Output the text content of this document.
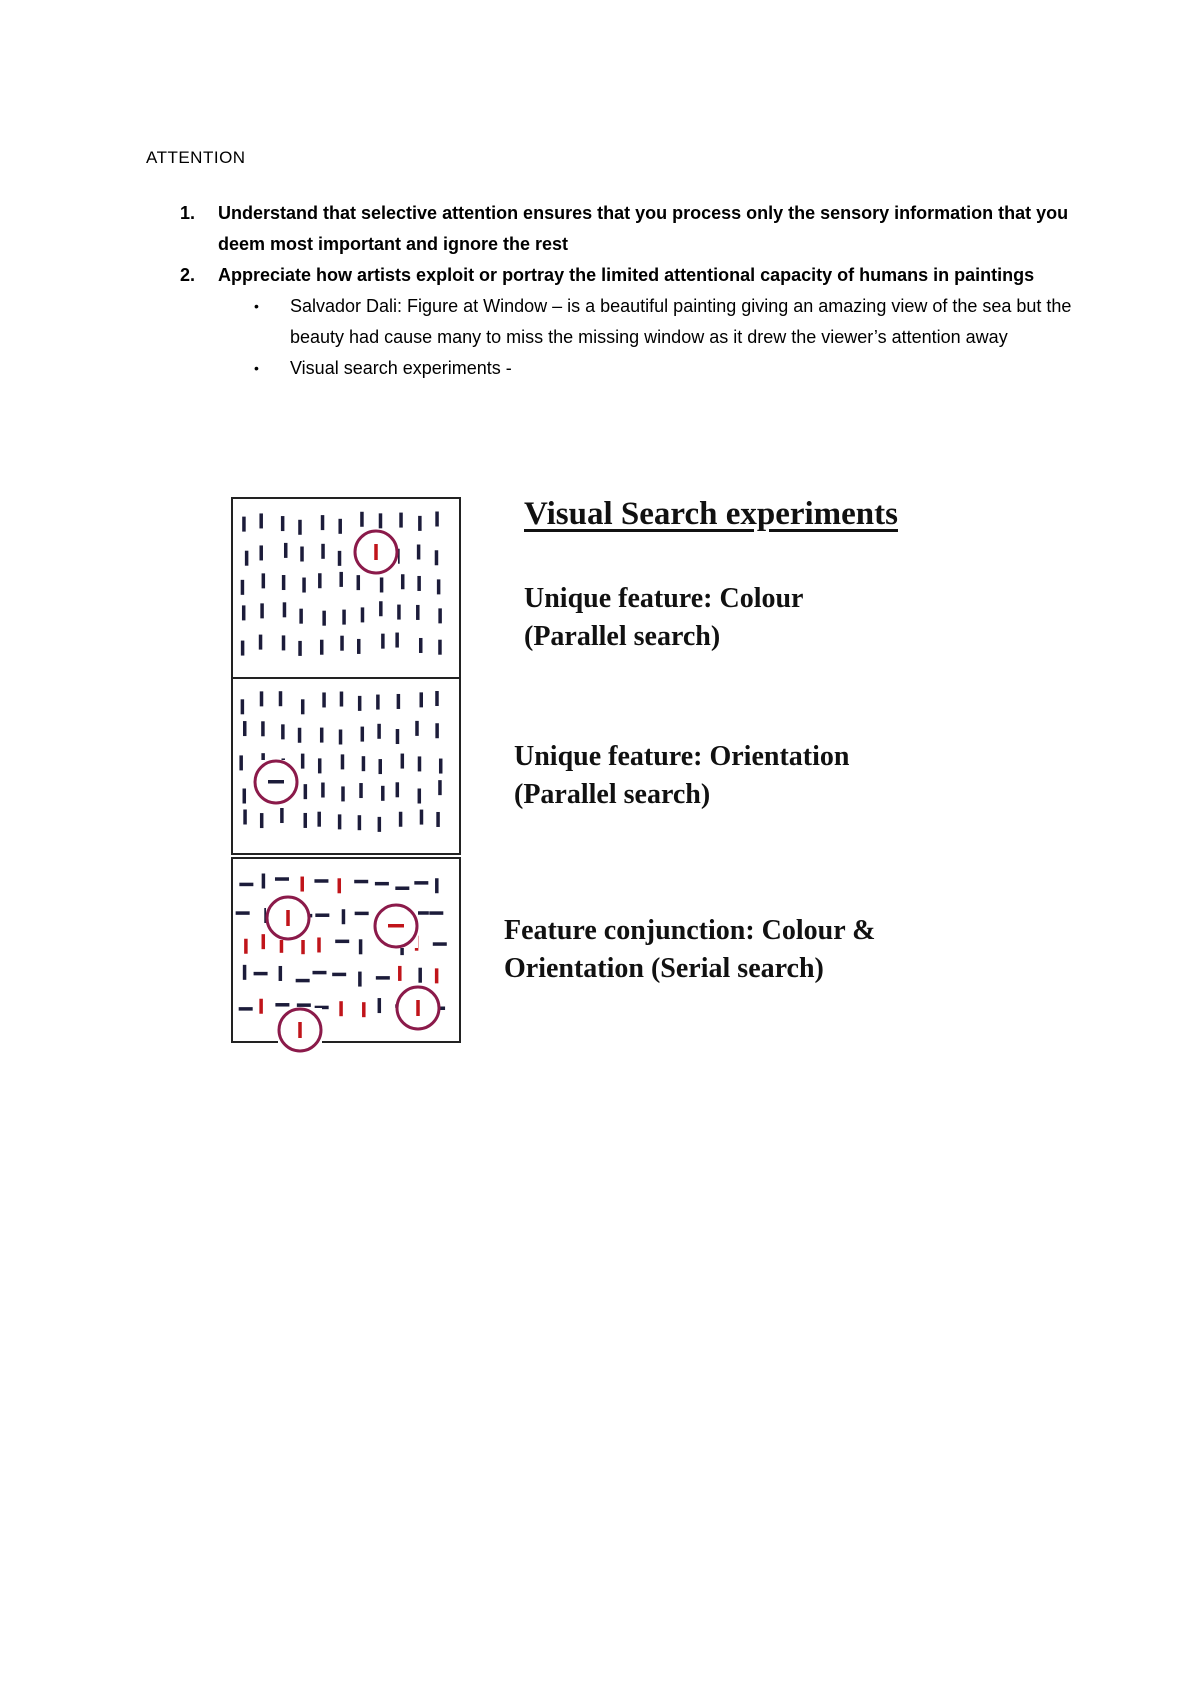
ATTENTION
1. Understand that selective attention ensures that you process only the sensory information that you deem most important and ignore the rest
2. Appreciate how artists exploit or portray the limited attentional capacity of humans in paintings
• Salvador Dali: Figure at Window – is a beautiful painting giving an amazing view of the sea but the beauty had cause many to miss the missing window as it drew the viewer’s attention away
• Visual search experiments -
Visual Search experiments
Unique feature: Colour
(Parallel search)
Unique feature: Orientation
(Parallel search)
Feature conjunction: Colour &
Orientation (Serial search)
